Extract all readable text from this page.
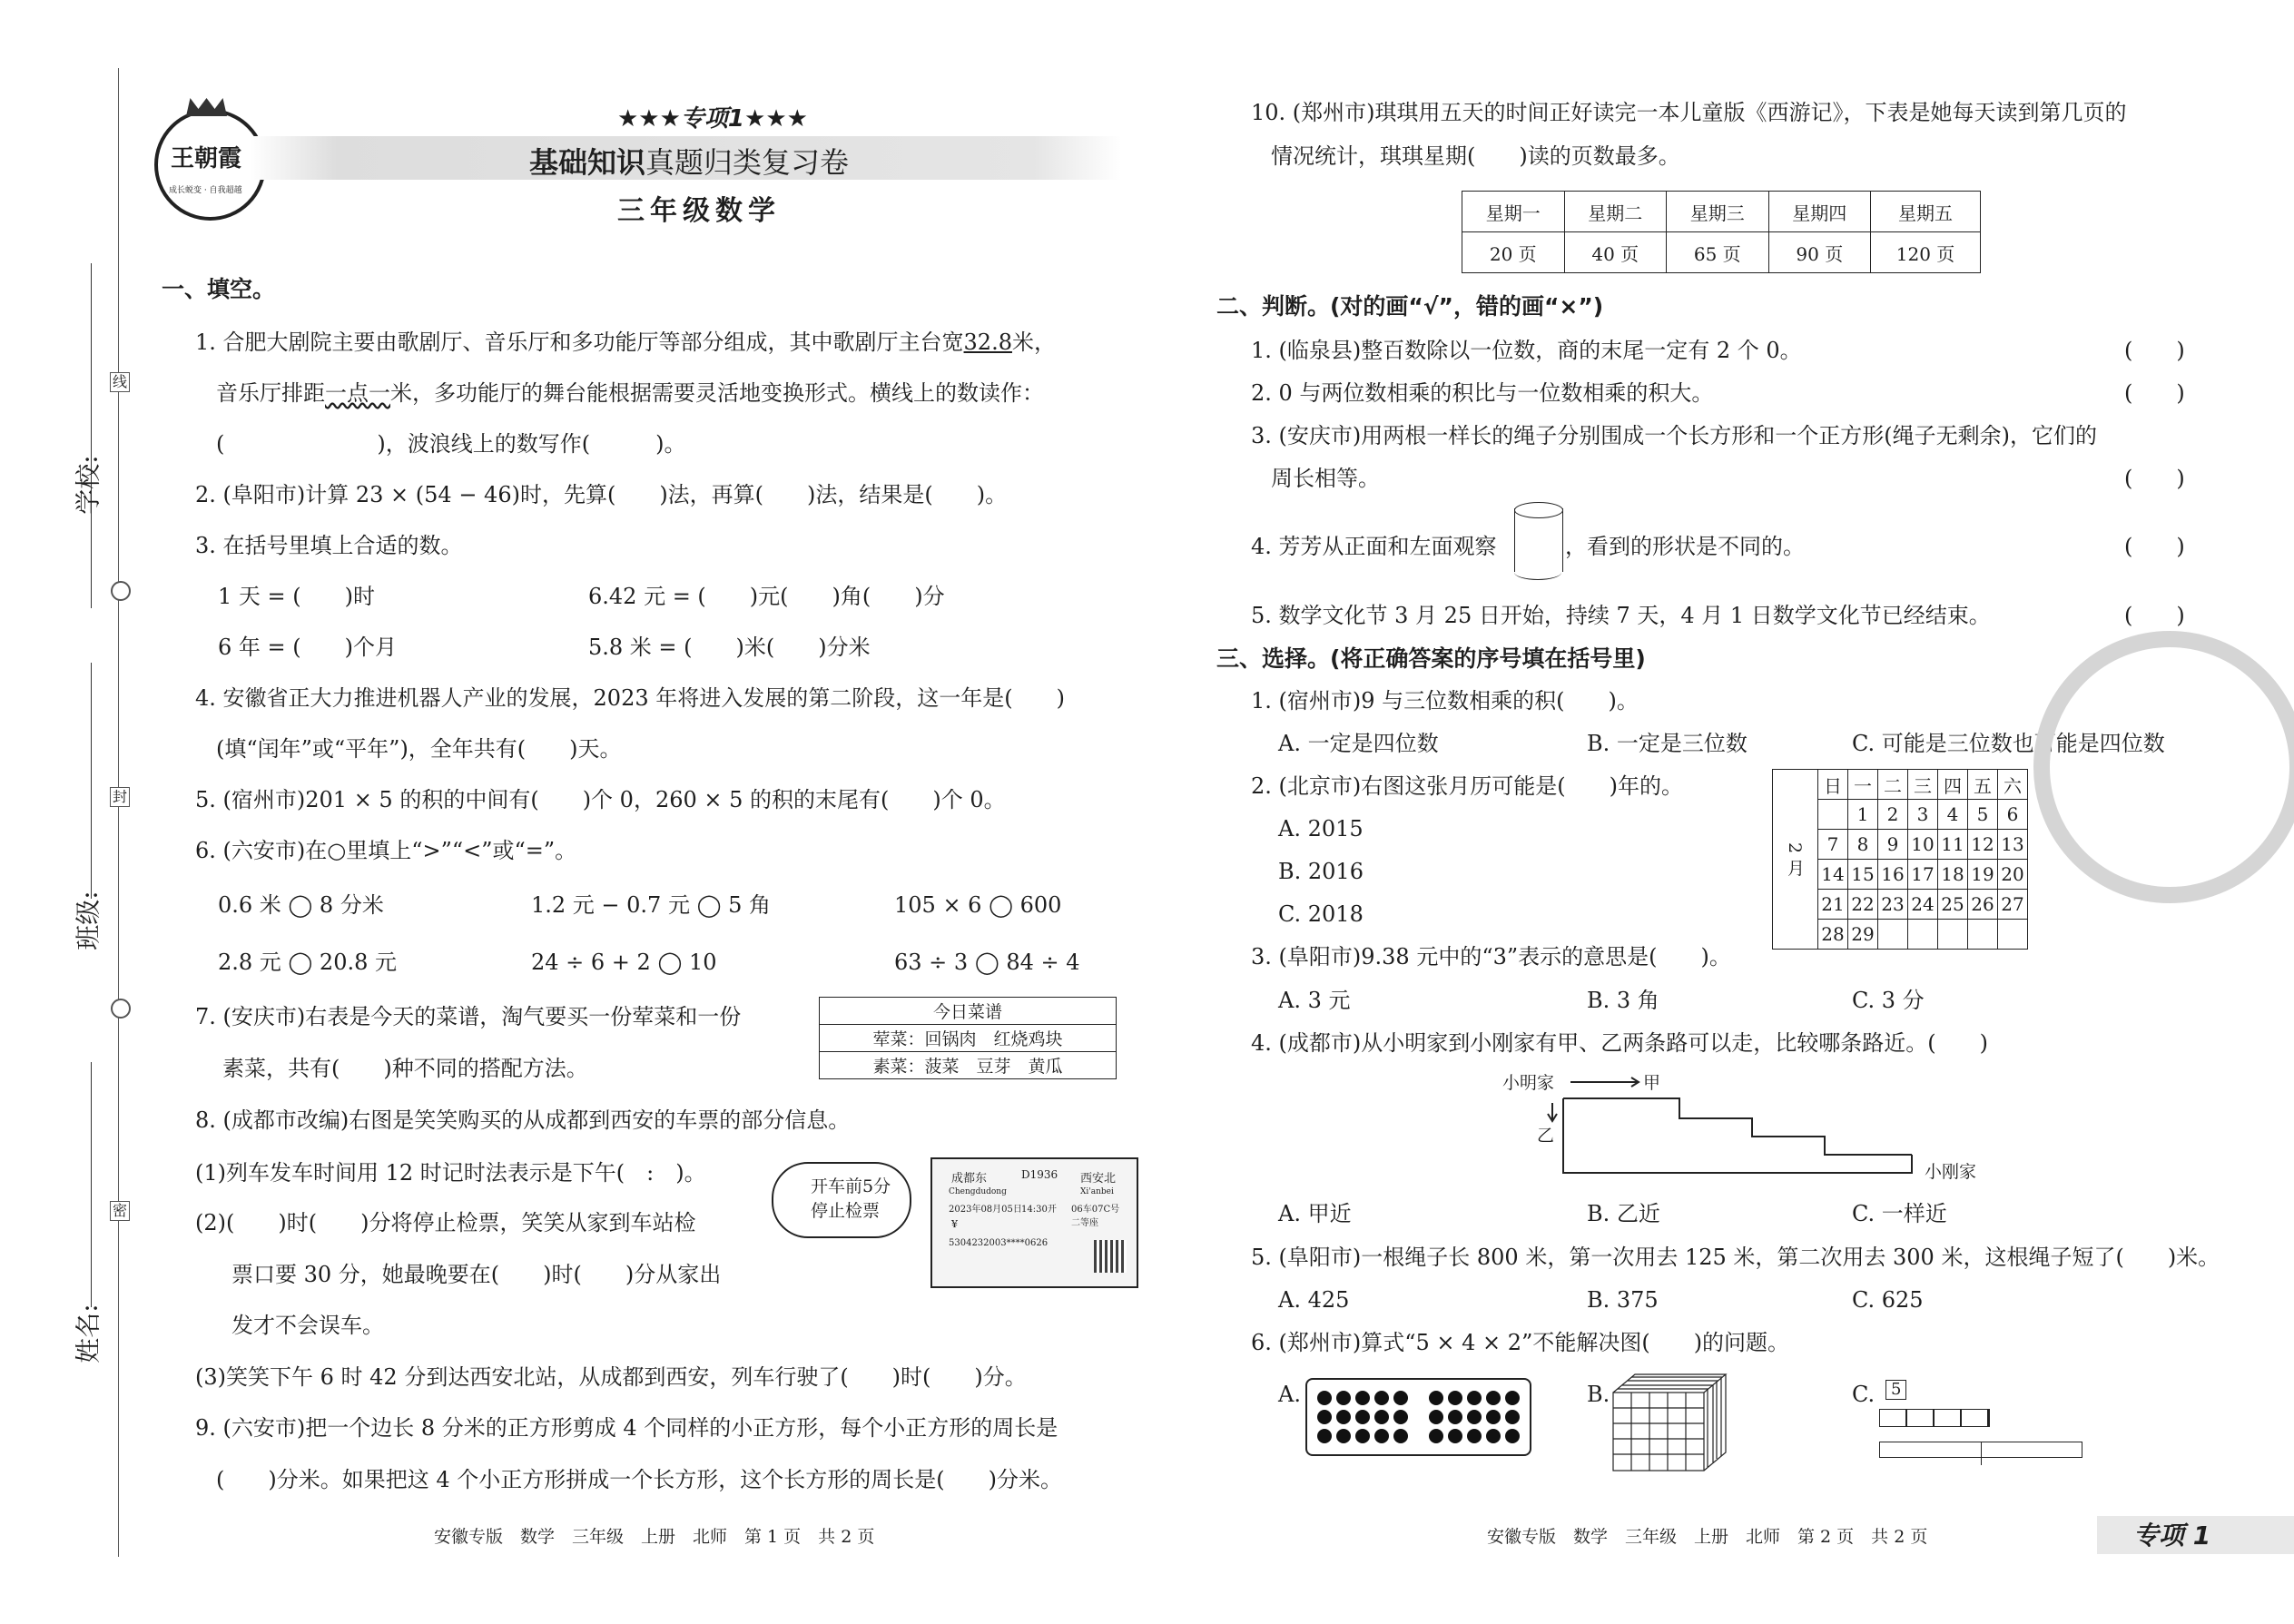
学校:
班级:
姓名:
线
封
密
王朝霞
成长蜕变 · 自我超越
★★★专项1★★★
基础知识真题归类复习卷
三年级数学
一、填空。
1. 合肥大剧院主要由歌剧厅、音乐厅和多功能厅等部分组成，其中歌剧厅主台宽32.8米，
音乐厅排距一点一米，多功能厅的舞台能根据需要灵活地变换形式。横线上的数读作：
(　　　　　　　)，波浪线上的数写作(　　　)。
2. (阜阳市)计算 23 × (54 − 46)时，先算(　　)法，再算(　　)法，结果是(　　)。
3. 在括号里填上合适的数。
1 天 = (　　)时	6.42 元 = (　　)元(　　)角(　　)分
6 年 = (　　)个月	5.8 米 = (　　)米(　　)分米
4. 安徽省正大力推进机器人产业的发展，2023 年将进入发展的第二阶段，这一年是(　　)
(填“闰年”或“平年”)，全年共有(　　)天。
5. (宿州市)201 × 5 的积的中间有(　　)个 0，260 × 5 的积的末尾有(　　)个 0。
6. (六安市)在○里填上“>”“<”或“=”。
0.6 米 ◯ 8 分米	1.2 元 − 0.7 元 ◯ 5 角	105 × 6 ◯ 600
2.8 元 ◯ 20.8 元	24 ÷ 6 + 2 ◯ 10	63 ÷ 3 ◯ 84 ÷ 4
7. (安庆市)右表是今天的菜谱，淘气要买一份荤菜和一份
素菜，共有(　　)种不同的搭配方法。
今日菜谱
荤菜：回锅肉　红烧鸡块
素菜：菠菜　豆芽　黄瓜
8. (成都市改编)右图是笑笑购买的从成都到西安的车票的部分信息。
(1)列车发车时间用 12 时记时法表示是下午(　:　)。
(2)(　　)时(　　)分将停止检票，笑笑从家到车站检
票口要 30 分，她最晚要在(　　)时(　　)分从家出
发才不会误车。
开车前5分
停止检票
成都东
Chengdudong
D1936 西安北
Xi'anbei
2023年08月05日 14:30开 06车07C号
二等座
¥
5304232003****0626
(3)笑笑下午 6 时 42 分到达西安北站，从成都到西安，列车行驶了(　　)时(　　)分。
9. (六安市)把一个边长 8 分米的正方形剪成 4 个同样的小正方形，每个小正方形的周长是
(　　)分米。如果把这 4 个小正方形拼成一个长方形，这个长方形的周长是(　　)分米。
安徽专版　数学　三年级　上册　北师　第 1 页　共 2 页
10. (郑州市)琪琪用五天的时间正好读完一本儿童版《西游记》，下表是她每天读到第几页的
情况统计，琪琪星期(　　)读的页数最多。
星期一	星期二	星期三	星期四	星期五
20 页	40 页	65 页	90 页	120 页
二、判断。(对的画“√”，错的画“×”)
1. (临泉县)整百数除以一位数，商的末尾一定有 2 个 0。	(　　)
2. 0 与两位数相乘的积比与一位数相乘的积大。	(　　)
3. (安庆市)用两根一样长的绳子分别围成一个长方形和一个正方形(绳子无剩余)，它们的
周长相等。	(　　)
4. 芳芳从正面和左面观察	，看到的形状是不同的。	(　　)
5. 数学文化节 3 月 25 日开始，持续 7 天，4 月 1 日数学文化节已经结束。	(　　)
三、选择。(将正确答案的序号填在括号里)
1. (宿州市)9 与三位数相乘的积(　　)。
A. 一定是四位数	B. 一定是三位数	C. 可能是三位数也可能是四位数
2. (北京市)右图这张月历可能是(　　)年的。
A. 2015
B. 2016
C. 2018
2 月	日	一	二	三	四	五	六
		1	2	3	4	5	6
	7	8	9	10	11	12	13
	14	15	16	17	18	19	20
	21	22	23	24	25	26	27
	28	29					
3. (阜阳市)9.38 元中的“3”表示的意思是(　　)。
A. 3 元	B. 3 角	C. 3 分
4. (成都市)从小明家到小刚家有甲、乙两条路可以走，比较哪条路近。(　　)
小明家	甲
乙
小刚家
A. 甲近	B. 乙近	C. 一样近
5. (阜阳市)一根绳子长 800 米，第一次用去 125 米，第二次用去 300 米，这根绳子短了(　　)米。
A. 425	B. 375	C. 625
6. (郑州市)算式“5 × 4 × 2”不能解决图(　　)的问题。
A.	B.	C. 5
安徽专版　数学　三年级　上册　北师　第 2 页　共 2 页	专项 1
